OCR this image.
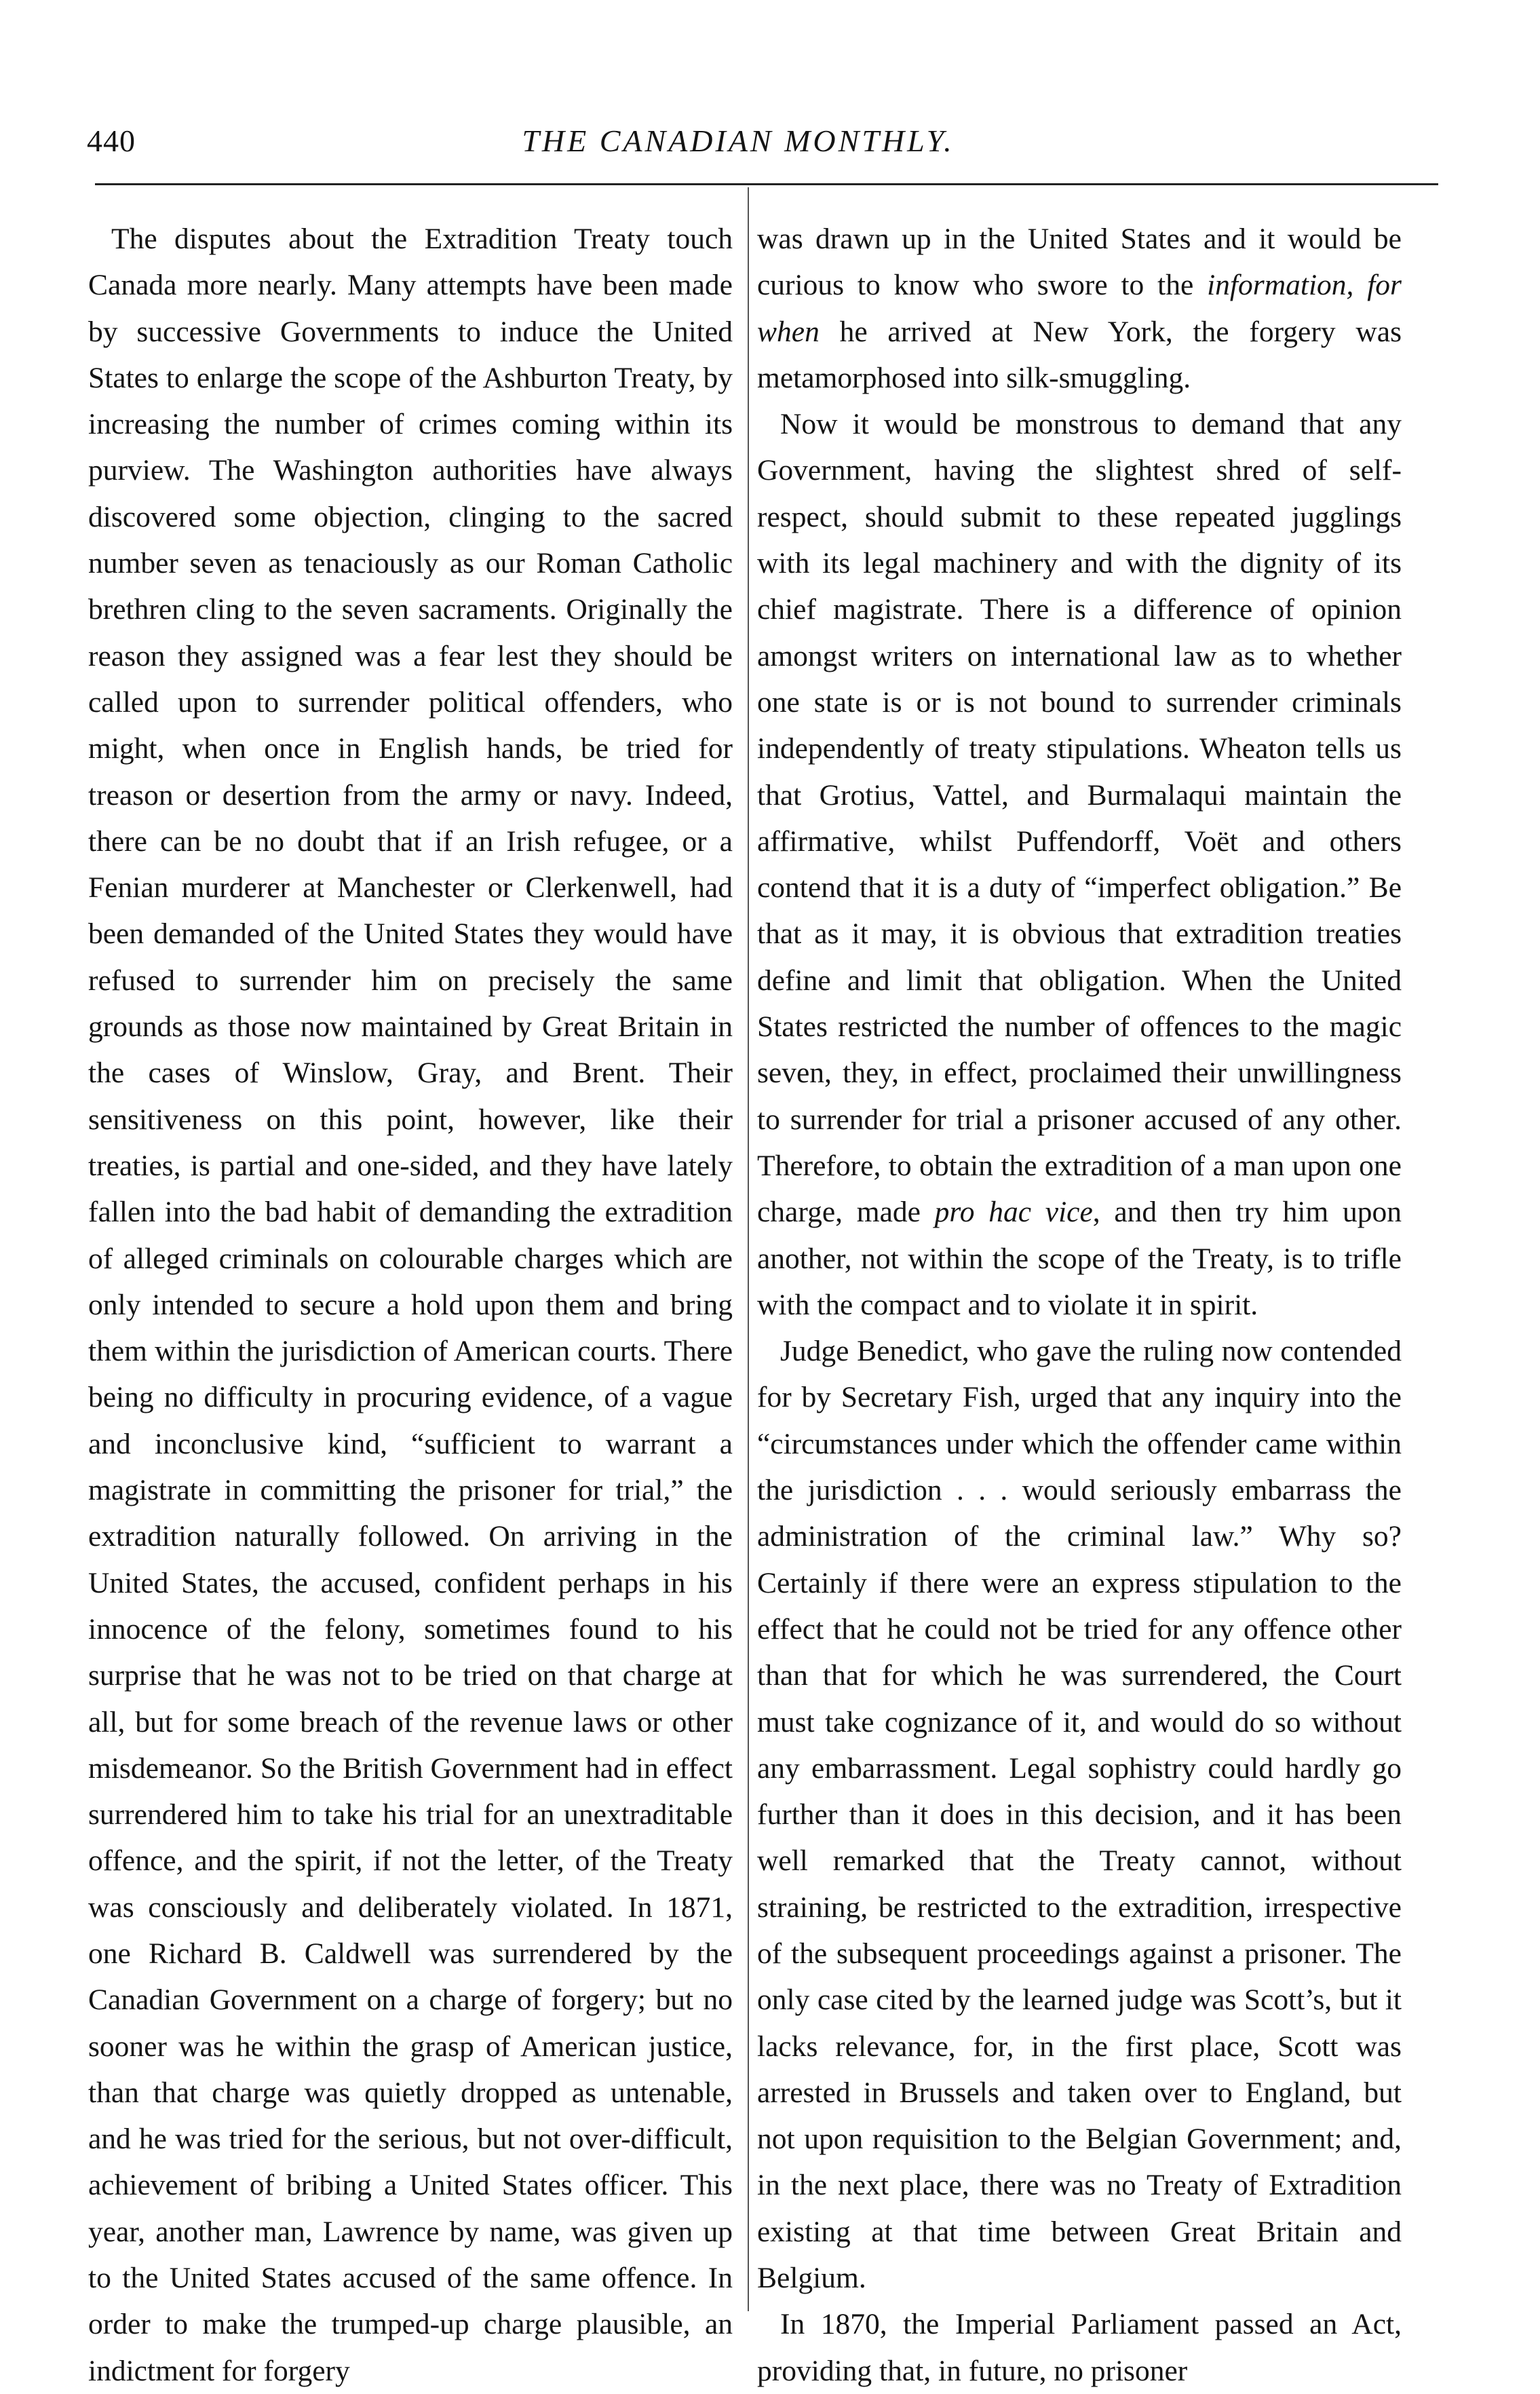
440	THE CANADIAN MONTHLY.

The disputes about the Extradition Treaty touch Canada more nearly. Many attempts have been made by successive Governments to induce the United States to enlarge the scope of the Ashburton Treaty, by increasing the number of crimes coming within its purview. The Washington authorities have always discovered some objection, clinging to the sacred number seven as tenaciously as our Roman Catholic brethren cling to the seven sacraments. Originally the reason they assigned was a fear lest they should be called upon to surrender political offenders, who might, when once in English hands, be tried for treason or desertion from the army or navy. Indeed, there can be no doubt that if an Irish refugee, or a Fenian murderer at Manchester or Clerkenwell, had been demanded of the United States they would have refused to surrender him on precisely the same grounds as those now maintained by Great Britain in the cases of Winslow, Gray, and Brent. Their sensitiveness on this point, however, like their treaties, is partial and one-sided, and they have lately fallen into the bad habit of demanding the extradition of alleged criminals on colourable charges which are only intended to secure a hold upon them and bring them within the jurisdiction of American courts. There being no difficulty in procuring evidence, of a vague and inconclusive kind, “sufficient to warrant a magistrate in committing the prisoner for trial,” the extradition naturally followed. On arriving in the United States, the accused, confident perhaps in his innocence of the felony, sometimes found to his surprise that he was not to be tried on that charge at all, but for some breach of the revenue laws or other misdemeanor. So the British Government had in effect surrendered him to take his trial for an unextraditable offence, and the spirit, if not the letter, of the Treaty was consciously and deliberately violated. In 1871, one Richard B. Caldwell was surrendered by the Canadian Government on a charge of forgery; but no sooner was he within the grasp of American justice, than that charge was quietly dropped as untenable, and he was tried for the serious, but not over-difficult, achievement of bribing a United States officer. This year, another man, Lawrence by name, was given up to the United States accused of the same offence. In order to make the trumped-up charge plausible, an indictment for forgery

was drawn up in the United States and it would be curious to know who swore to the information, for when he arrived at New York, the forgery was metamorphosed into silk-smuggling.

Now it would be monstrous to demand that any Government, having the slightest shred of self-respect, should submit to these repeated jugglings with its legal machinery and with the dignity of its chief magistrate. There is a difference of opinion amongst writers on international law as to whether one state is or is not bound to surrender criminals independently of treaty stipulations. Wheaton tells us that Grotius, Vattel, and Burmalaqui maintain the affirmative, whilst Puffendorff, Voët and others contend that it is a duty of “imperfect obligation.” Be that as it may, it is obvious that extradition treaties define and limit that obligation. When the United States restricted the number of offences to the magic seven, they, in effect, proclaimed their unwillingness to surrender for trial a prisoner accused of any other. Therefore, to obtain the extradition of a man upon one charge, made pro hac vice, and then try him upon another, not within the scope of the Treaty, is to trifle with the compact and to violate it in spirit.

Judge Benedict, who gave the ruling now contended for by Secretary Fish, urged that any inquiry into the “circumstances under which the offender came within the jurisdiction . . . would seriously embarrass the administration of the criminal law.” Why so? Certainly if there were an express stipulation to the effect that he could not be tried for any offence other than that for which he was surrendered, the Court must take cognizance of it, and would do so without any embarrassment. Legal sophistry could hardly go further than it does in this decision, and it has been well remarked that the Treaty cannot, without straining, be restricted to the extradition, irrespective of the subsequent proceedings against a prisoner. The only case cited by the learned judge was Scott’s, but it lacks relevance, for, in the first place, Scott was arrested in Brussels and taken over to England, but not upon requisition to the Belgian Government; and, in the next place, there was no Treaty of Extradition existing at that time between Great Britain and Belgium.

In 1870, the Imperial Parliament passed an Act, providing that, in future, no prisoner
